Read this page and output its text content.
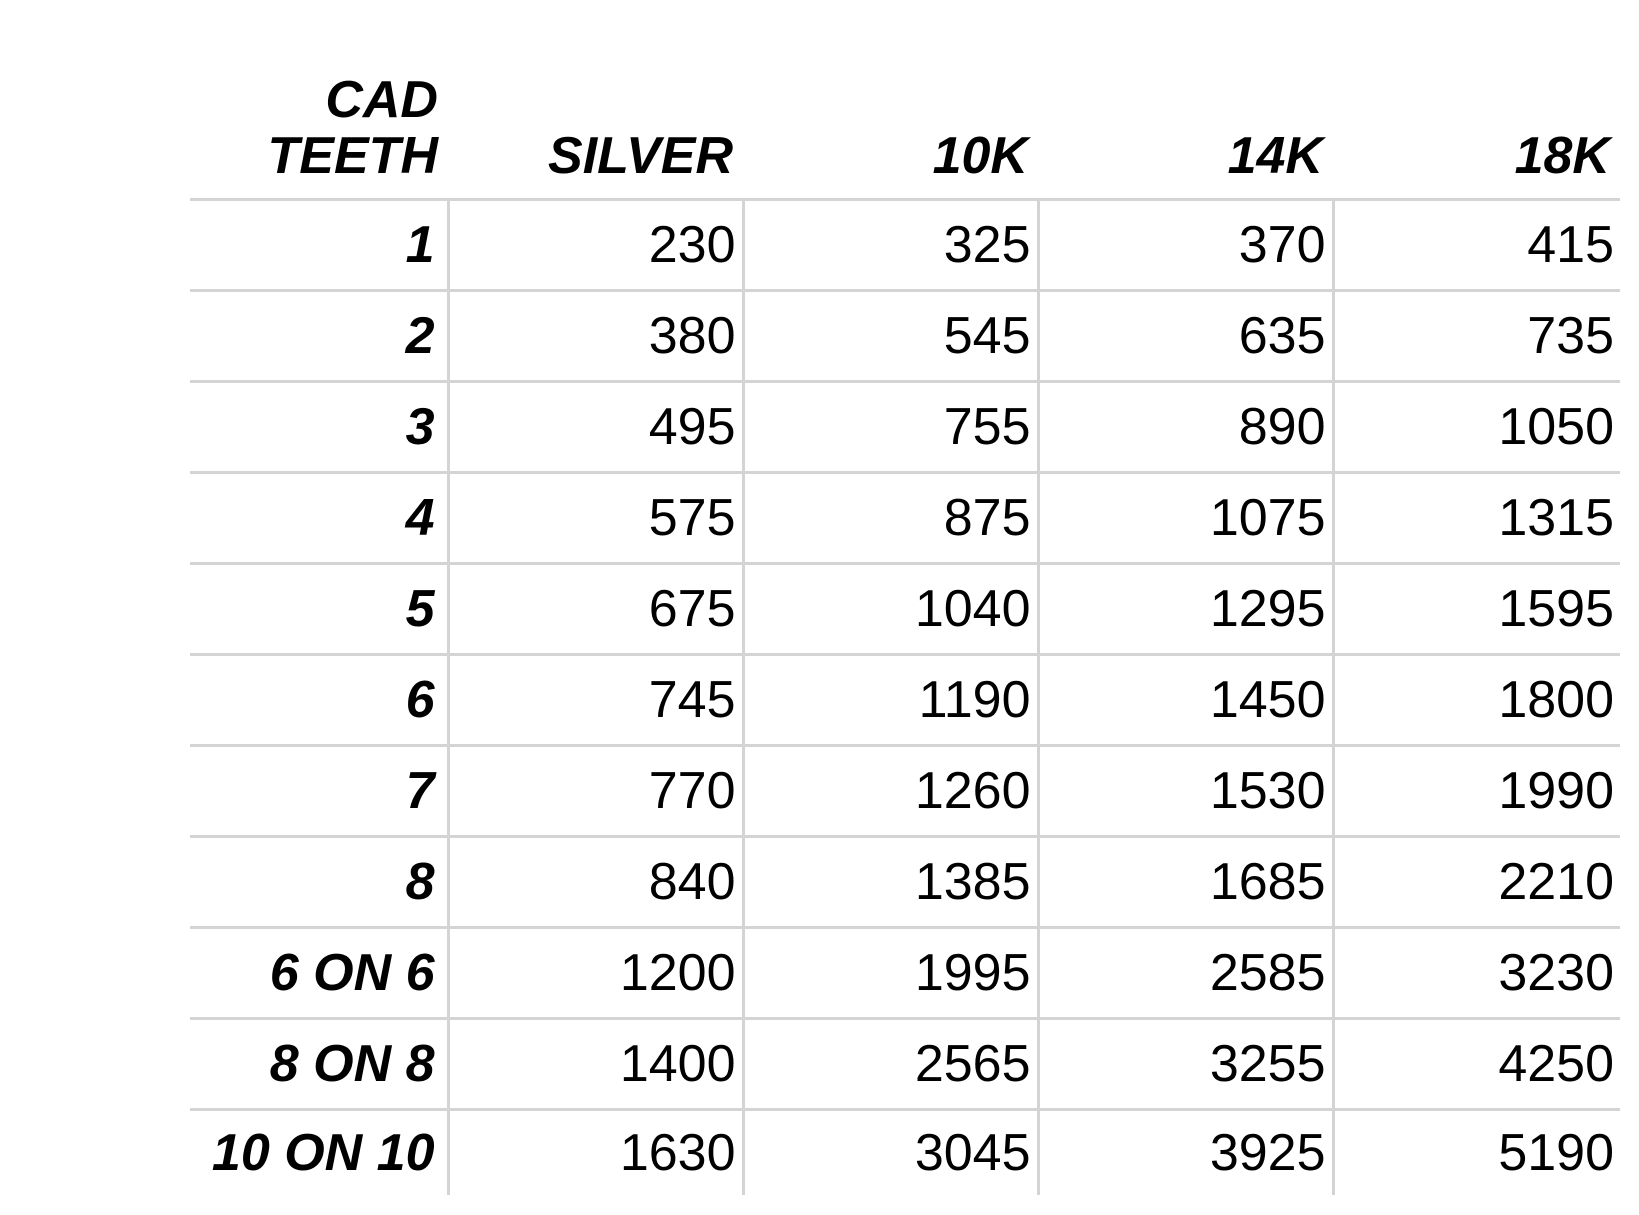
CAD
TEETH	SILVER	10K	14K	18K
1	230	325	370	415
2	380	545	635	735
3	495	755	890	1050
4	575	875	1075	1315
5	675	1040	1295	1595
6	745	1190	1450	1800
7	770	1260	1530	1990
8	840	1385	1685	2210
6 ON 6	1200	1995	2585	3230
8 ON 8	1400	2565	3255	4250
10 ON 10	1630	3045	3925	5190
